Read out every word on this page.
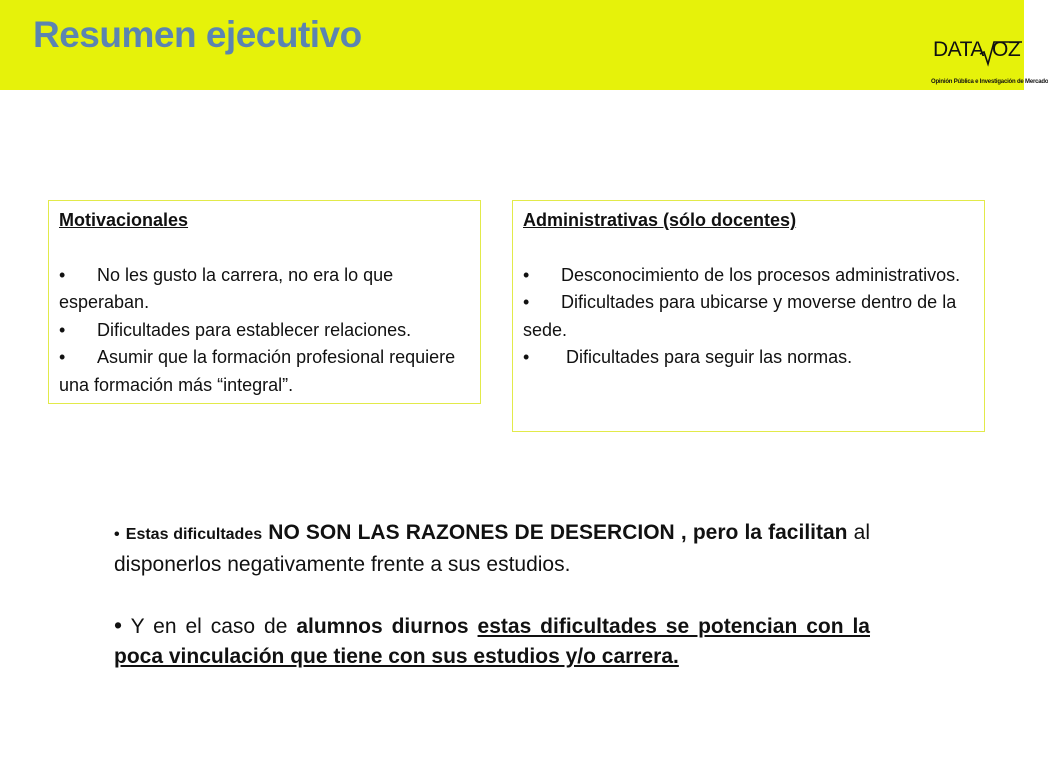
Resumen ejecutivo	DATA OZ
Opinión Pública e Investigación de Mercado
Motivacionales

• No les gusto la carrera, no era lo que esperaban.

• Dificultades para establecer relaciones.

• Asumir que la formación profesional requiere una formación más “integral”.

Administrativas (sólo docentes)

• Desconocimiento de los procesos administrativos.

• Dificultades para ubicarse y moverse dentro de la sede.

• Dificultades para seguir las normas.

• Estas dificultades NO SON LAS RAZONES DE DESERCION , pero la facilitan al disponerlos negativamente frente a sus estudios.

• Y en el caso de alumnos diurnos estas dificultades se potencian con la poca vinculación que tiene con sus estudios y/o carrera.
